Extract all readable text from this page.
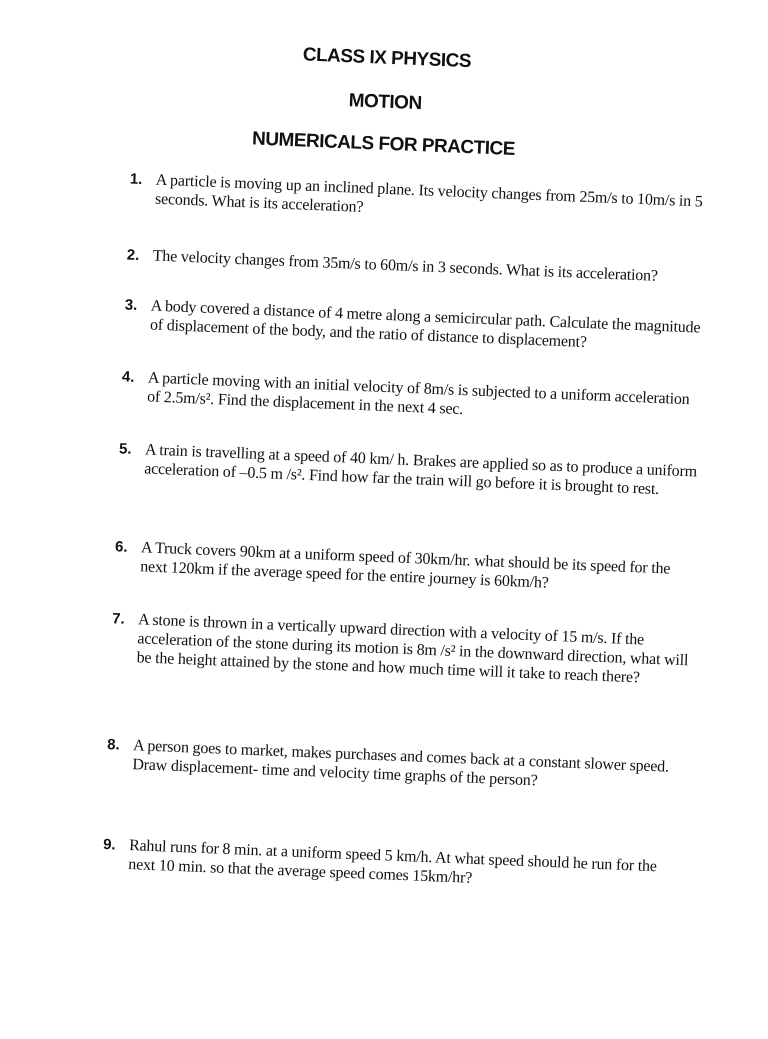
CLASS IX PHYSICS
MOTION
NUMERICALS FOR PRACTICE
1. A particle is moving up an inclined plane. Its velocity changes from 25m/s to 10m/s in 5 seconds. What is its acceleration?
2. The velocity changes from 35m/s to 60m/s in 3 seconds. What is its acceleration?
3. A body covered a distance of 4 metre along a semicircular path. Calculate the magnitude of displacement of the body, and the ratio of distance to displacement?
4. A particle moving with an initial velocity of 8m/s is subjected to a uniform acceleration of 2.5m/s². Find the displacement in the next 4 sec.
5. A train is travelling at a speed of 40 km/ h. Brakes are applied so as to produce a uniform acceleration of –0.5 m /s². Find how far the train will go before it is brought to rest.
6. A Truck covers 90km at a uniform speed of 30km/hr. what should be its speed for the next 120km if the average speed for the entire journey is 60km/h?
7. A stone is thrown in a vertically upward direction with a velocity of 15 m/s. If the acceleration of the stone during its motion is 8m /s² in the downward direction, what will be the height attained by the stone and how much time will it take to reach there?
8. A person goes to market, makes purchases and comes back at a constant slower speed. Draw displacement- time and velocity time graphs of the person?
9. Rahul runs for 8 min. at a uniform speed 5 km/h. At what speed should he run for the next 10 min. so that the average speed comes 15km/hr?
